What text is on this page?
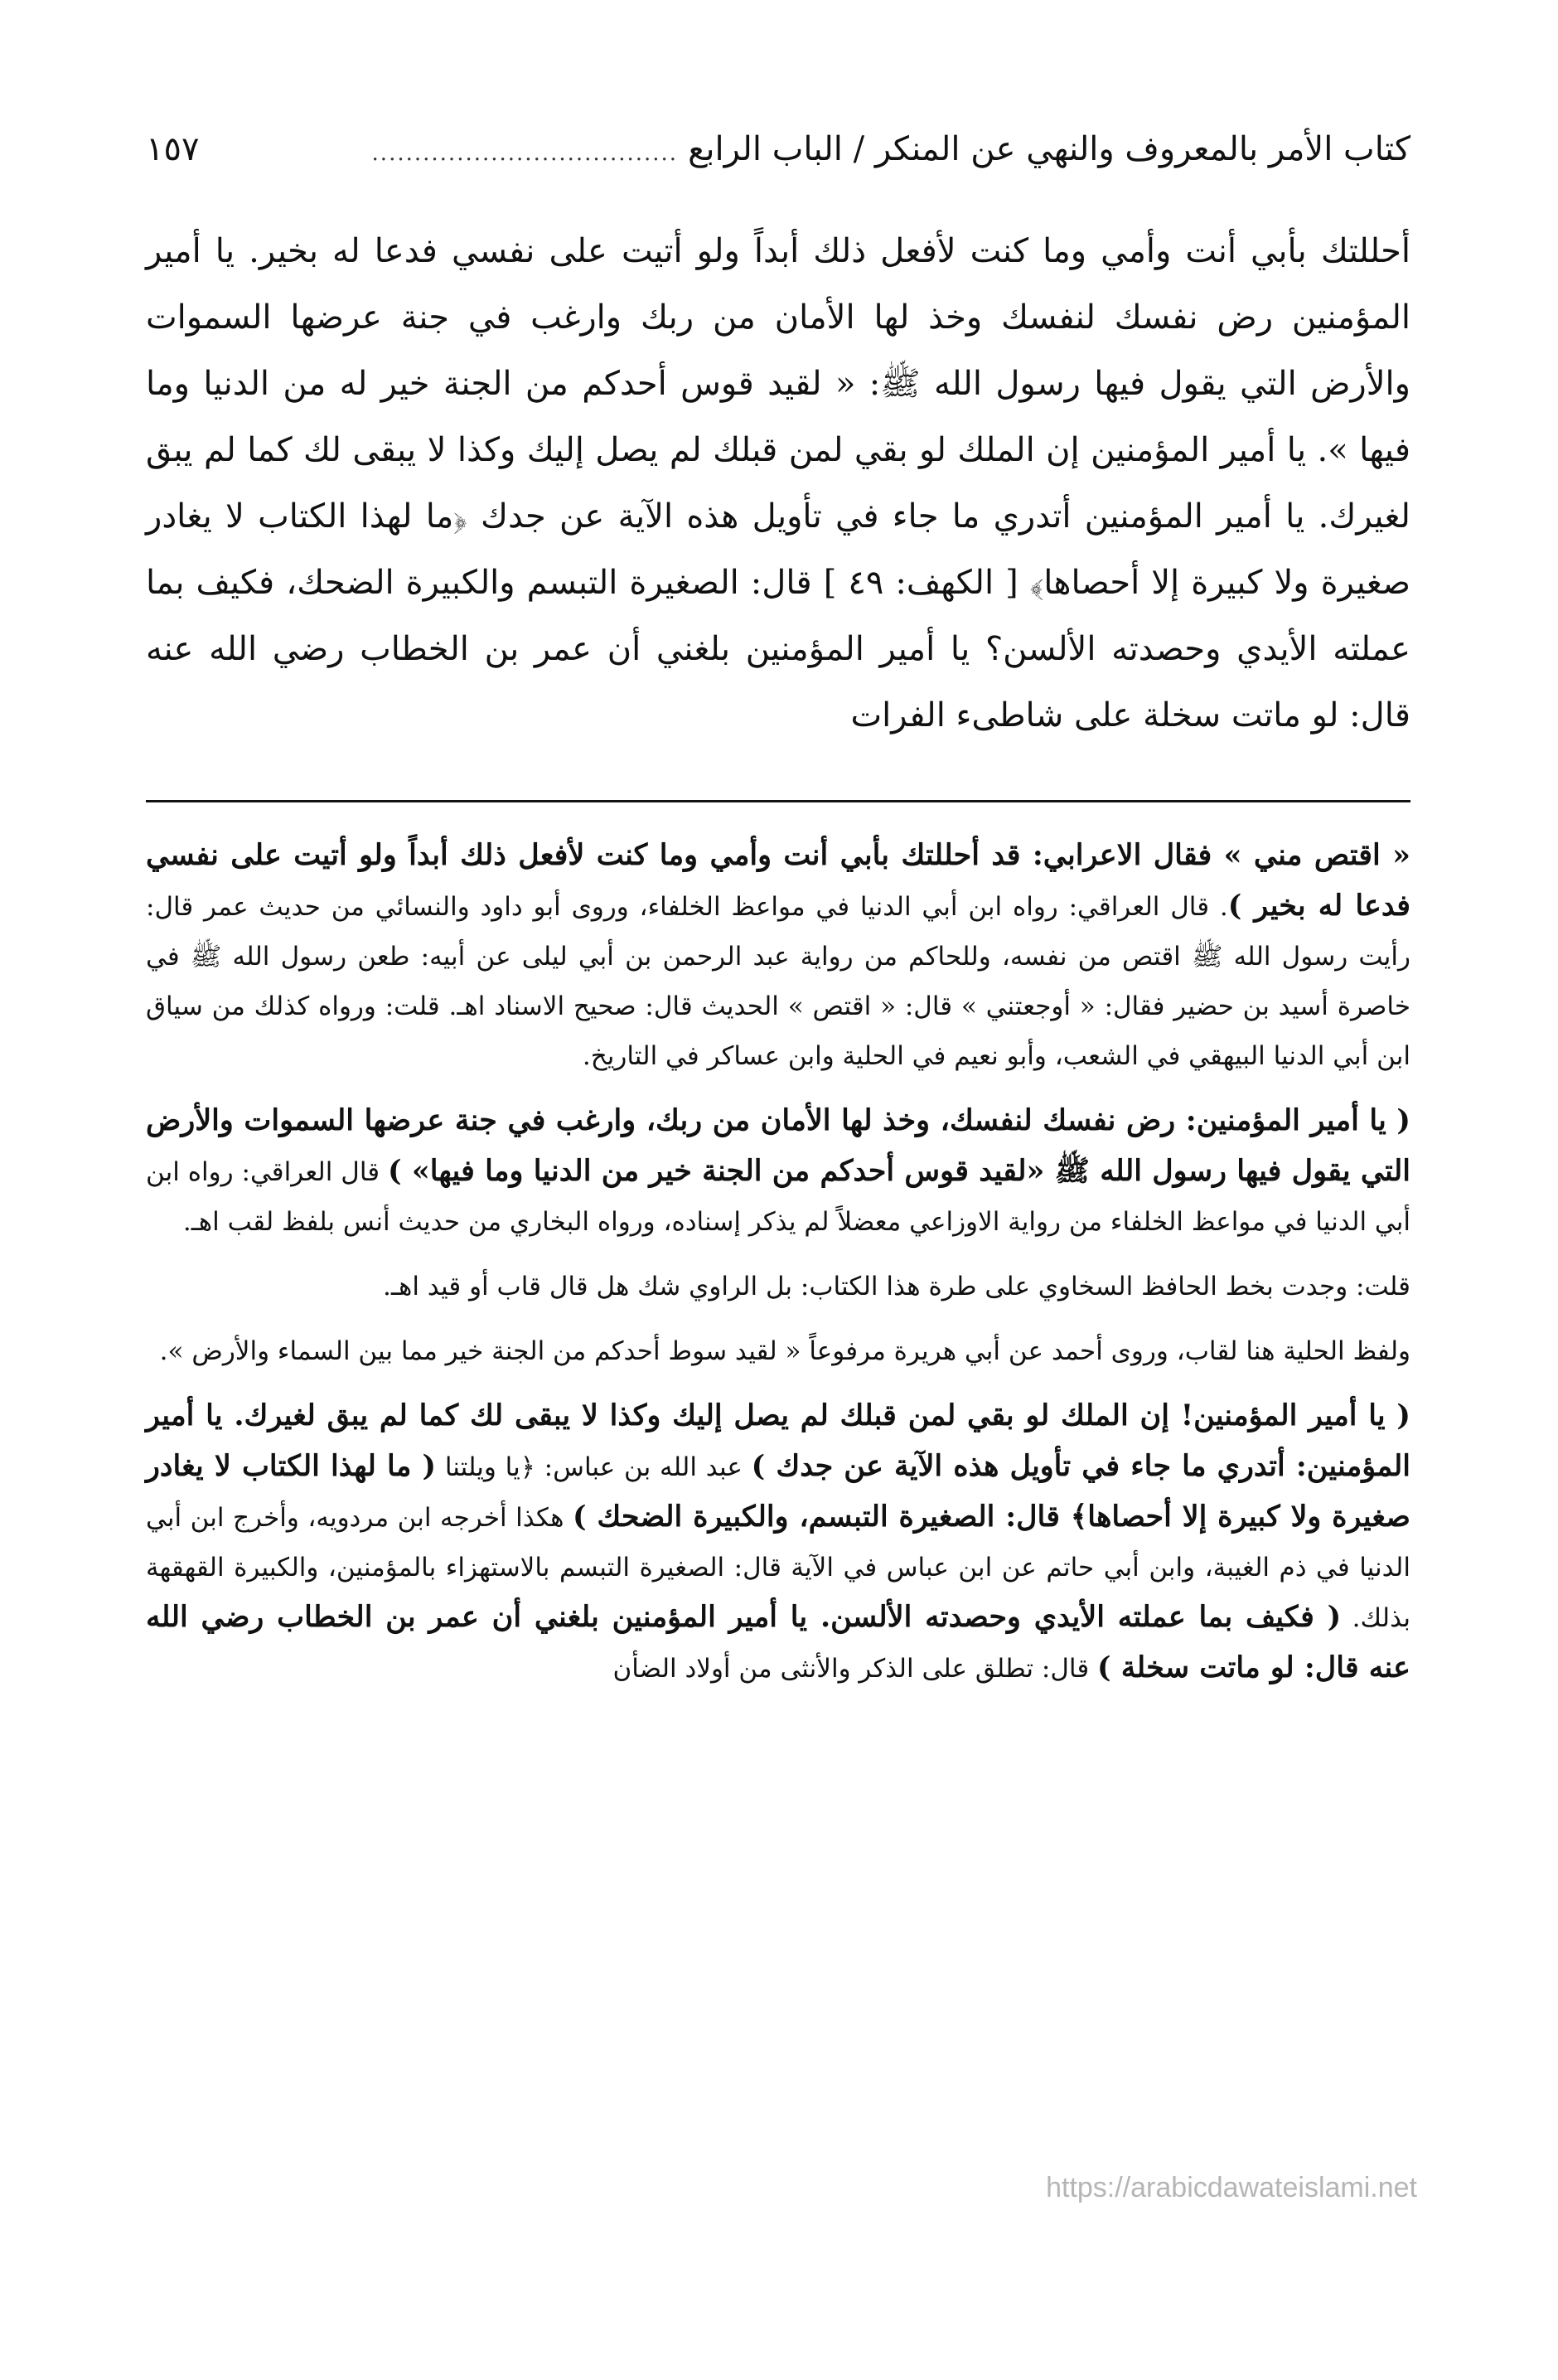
كتاب الأمر بالمعروف والنهي عن المنكر / الباب الرابع
....................................
١٥٧

أحللتك بأبي أنت وأمي وما كنت لأفعل ذلك أبداً ولو أتيت على نفسي فدعا له بخير. يا أمير المؤمنين رض نفسك لنفسك وخذ لها الأمان من ربك وارغب في جنة عرضها السموات والأرض التي يقول فيها رسول الله ﷺ: « لقيد قوس أحدكم من الجنة خير له من الدنيا وما فيها ». يا أمير المؤمنين إن الملك لو بقي لمن قبلك لم يصل إليك وكذا لا يبقى لك كما لم يبق لغيرك. يا أمير المؤمنين أتدري ما جاء في تأويل هذه الآية عن جدك ﴿ما لهذا الكتاب لا يغادر صغيرة ولا كبيرة إلا أحصاها﴾ [ الكهف: ٤٩ ] قال: الصغيرة التبسم والكبيرة الضحك، فكيف بما عملته الأيدي وحصدته الألسن؟ يا أمير المؤمنين بلغني أن عمر بن الخطاب رضي الله عنه قال: لو ماتت سخلة على شاطىء الفرات

« اقتص مني » فقال الاعرابي: قد أحللتك بأبي أنت وأمي وما كنت لأفعل ذلك أبداً ولو أتيت على نفسي فدعا له بخير ). قال العراقي: رواه ابن أبي الدنيا في مواعظ الخلفاء، وروى أبو داود والنسائي من حديث عمر قال: رأيت رسول الله ﷺ اقتص من نفسه، وللحاكم من رواية عبد الرحمن بن أبي ليلى عن أبيه: طعن رسول الله ﷺ في خاصرة أسيد بن حضير فقال: « أوجعتني » قال: « اقتص » الحديث قال: صحيح الاسناد اهـ. قلت: ورواه كذلك من سياق ابن أبي الدنيا البيهقي في الشعب، وأبو نعيم في الحلية وابن عساكر في التاريخ.

( يا أمير المؤمنين: رض نفسك لنفسك، وخذ لها الأمان من ربك، وارغب في جنة عرضها السموات والأرض التي يقول فيها رسول الله ﷺ «لقيد قوس أحدكم من الجنة خير من الدنيا وما فيها» ) قال العراقي: رواه ابن أبي الدنيا في مواعظ الخلفاء من رواية الاوزاعي معضلاً لم يذكر إسناده، ورواه البخاري من حديث أنس بلفظ لقب اهـ.

قلت: وجدت بخط الحافظ السخاوي على طرة هذا الكتاب: بل الراوي شك هل قال قاب أو قيد اهـ.

ولفظ الحلية هنا لقاب، وروى أحمد عن أبي هريرة مرفوعاً « لقيد سوط أحدكم من الجنة خير مما بين السماء والأرض ».

( يا أمير المؤمنين! إن الملك لو بقي لمن قبلك لم يصل إليك وكذا لا يبقى لك كما لم يبق لغيرك. يا أمير المؤمنين: أتدري ما جاء في تأويل هذه الآية عن جدك ) عبد الله بن عباس: ﴿يا ويلتنا ( ما لهذا الكتاب لا يغادر صغيرة ولا كبيرة إلا أحصاها﴾ قال: الصغيرة التبسم، والكبيرة الضحك ) هكذا أخرجه ابن مردويه، وأخرج ابن أبي الدنيا في ذم الغيبة، وابن أبي حاتم عن ابن عباس في الآية قال: الصغيرة التبسم بالاستهزاء بالمؤمنين، والكبيرة القهقهة بذلك. ( فكيف بما عملته الأيدي وحصدته الألسن. يا أمير المؤمنين بلغني أن عمر بن الخطاب رضي الله عنه قال: لو ماتت سخلة ) قال: تطلق على الذكر والأنثى من أولاد الضأن

https://arabicdawateislami.net
